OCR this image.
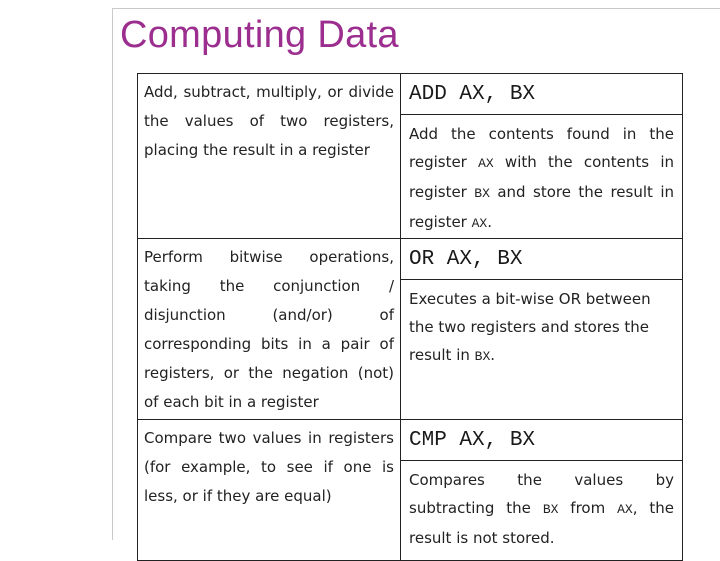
Computing Data
Add, subtract, multiply, or divide the values of two registers, placing the result in a register	ADD AX, BX
Add the contents found in the register AX with the contents in register BX and store the result in register AX.

Perform bitwise operations, taking the conjunction / disjunction (and/or) of corresponding bits in a pair of registers, or the negation (not) of each bit in a register	OR AX, BX
Executes a bit-wise OR between the two registers and stores the result in BX.

Compare two values in registers (for example, to see if one is less, or if they are equal)	CMP AX, BX
Compares the values by subtracting the BX from AX, the result is not stored.
